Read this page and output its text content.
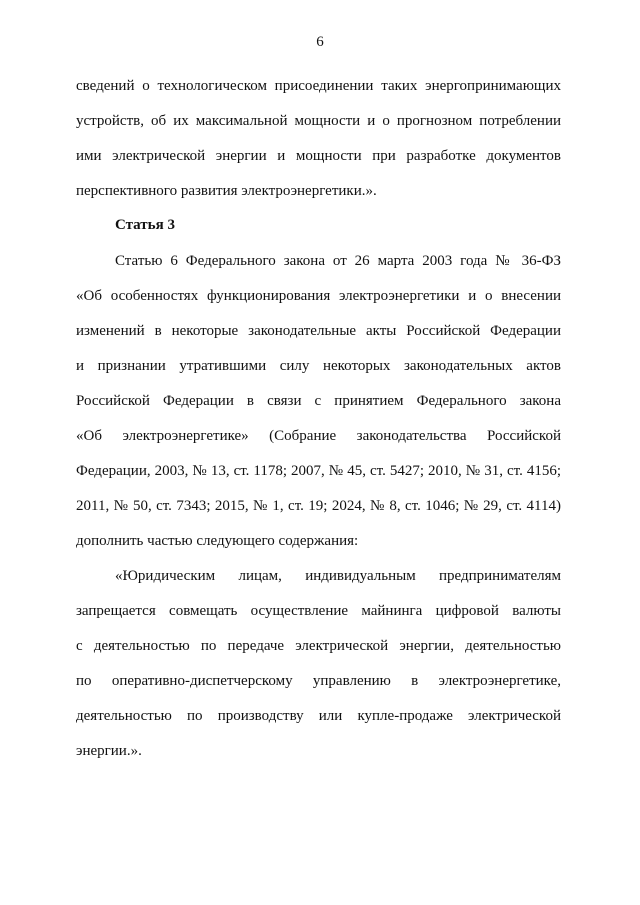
6
сведений о технологическом присоединении таких энергопринимающих
устройств, об их максимальной мощности и о прогнозном потреблении
ими электрической энергии и мощности при разработке документов
перспективного развития электроэнергетики.».
Статья 3
Статью 6 Федерального закона от 26 марта 2003 года № 36-ФЗ
«Об особенностях функционирования электроэнергетики и о внесении
изменений в некоторые законодательные акты Российской Федерации
и признании утратившими силу некоторых законодательных актов
Российской Федерации в связи с принятием Федерального закона
«Об электроэнергетике» (Собрание законодательства Российской
Федерации, 2003, № 13, ст. 1178; 2007, № 45, ст. 5427; 2010, № 31, ст. 4156;
2011, № 50, ст. 7343; 2015, № 1, ст. 19; 2024, № 8, ст. 1046; № 29, ст. 4114)
дополнить частью следующего содержания:
«Юридическим лицам, индивидуальным предпринимателям
запрещается совмещать осуществление майнинга цифровой валюты
с деятельностью по передаче электрической энергии, деятельностью
по оперативно-диспетчерскому управлению в электроэнергетике,
деятельностью по производству или купле-продаже электрической
энергии.».
